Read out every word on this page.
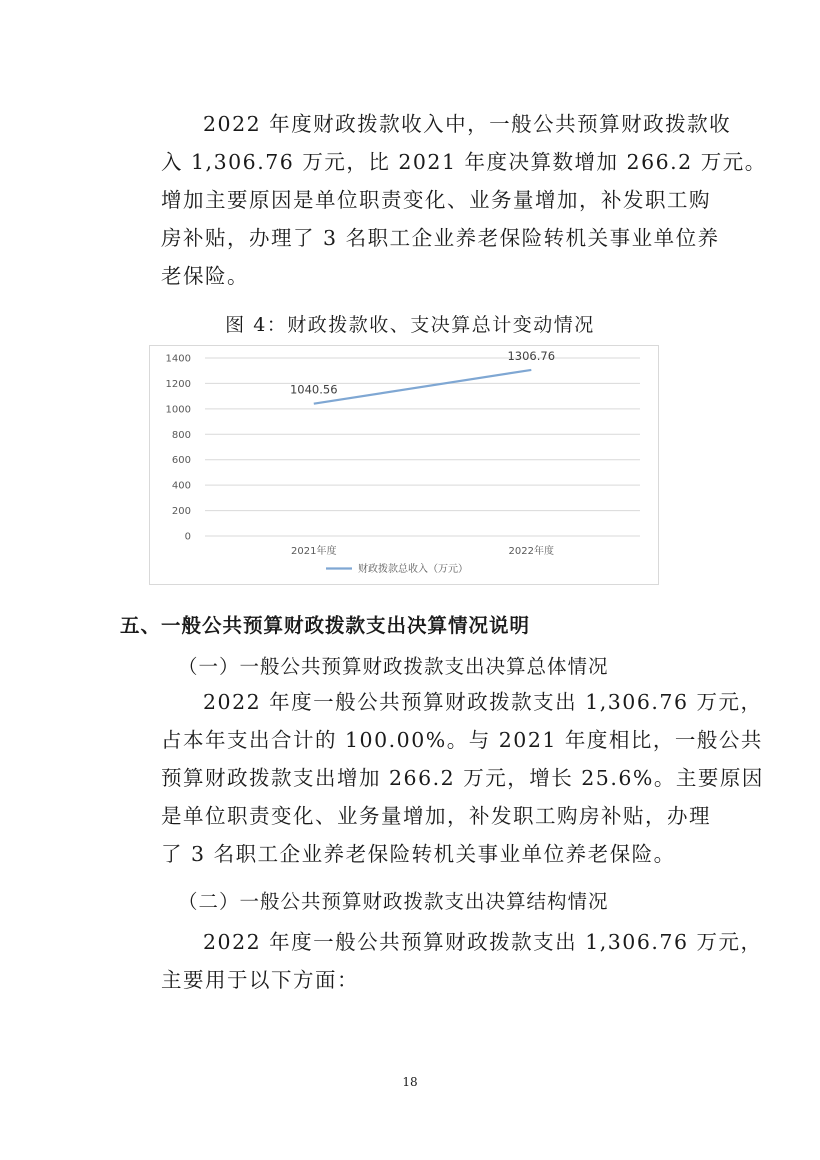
2022 年度财政拨款收入中，一般公共预算财政拨款收
入 1,306.76 万元，比 2021 年度决算数增加 266.2 万元。
增加主要原因是单位职责变化、业务量增加，补发职工购
房补贴，办理了 3 名职工企业养老保险转机关事业单位养
老保险。
图 4：财政拨款收、支决算总计变动情况
0
200
400
600
800
1000
1200
1400
2021年度	2022年度
1040.56
1306.76
财政拨款总收入（万元）
五、一般公共预算财政拨款支出决算情况说明
（一）一般公共预算财政拨款支出决算总体情况
2022 年度一般公共预算财政拨款支出 1,306.76 万元，
占本年支出合计的 100.00%。与 2021 年度相比，一般公共
预算财政拨款支出增加 266.2 万元，增长 25.6%。主要原因
是单位职责变化、业务量增加，补发职工购房补贴，办理
了 3 名职工企业养老保险转机关事业单位养老保险。
（二）一般公共预算财政拨款支出决算结构情况
2022 年度一般公共预算财政拨款支出 1,306.76 万元，
主要用于以下方面：
18
